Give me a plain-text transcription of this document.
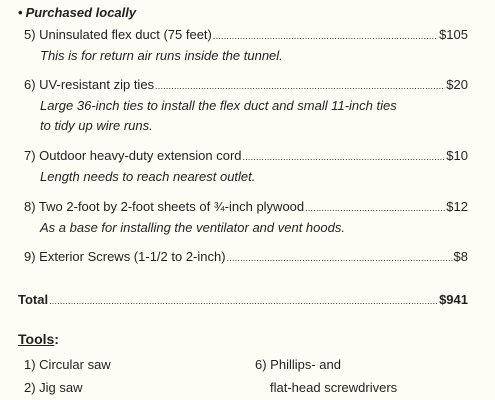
• Purchased locally
5) Uninsulated flex duct (75 feet) .....	$105
This is for return air runs inside the tunnel.
6) UV-resistant zip ties .....	$20
Large 36-inch ties to install the flex duct and small 11-inch ties
to tidy up wire runs.
7) Outdoor heavy-duty extension cord .....	$10
Length needs to reach nearest outlet.
8) Two 2-foot by 2-foot sheets of ¾-inch plywood .....	$12
As a base for installing the ventilator and vent hoods.
9) Exterior Screws (1-1/2 to 2-inch) .....	$8
Total .....	$941
Tools:
1) Circular saw
2) Jig saw
6) Phillips- and
flat-head screwdrivers
